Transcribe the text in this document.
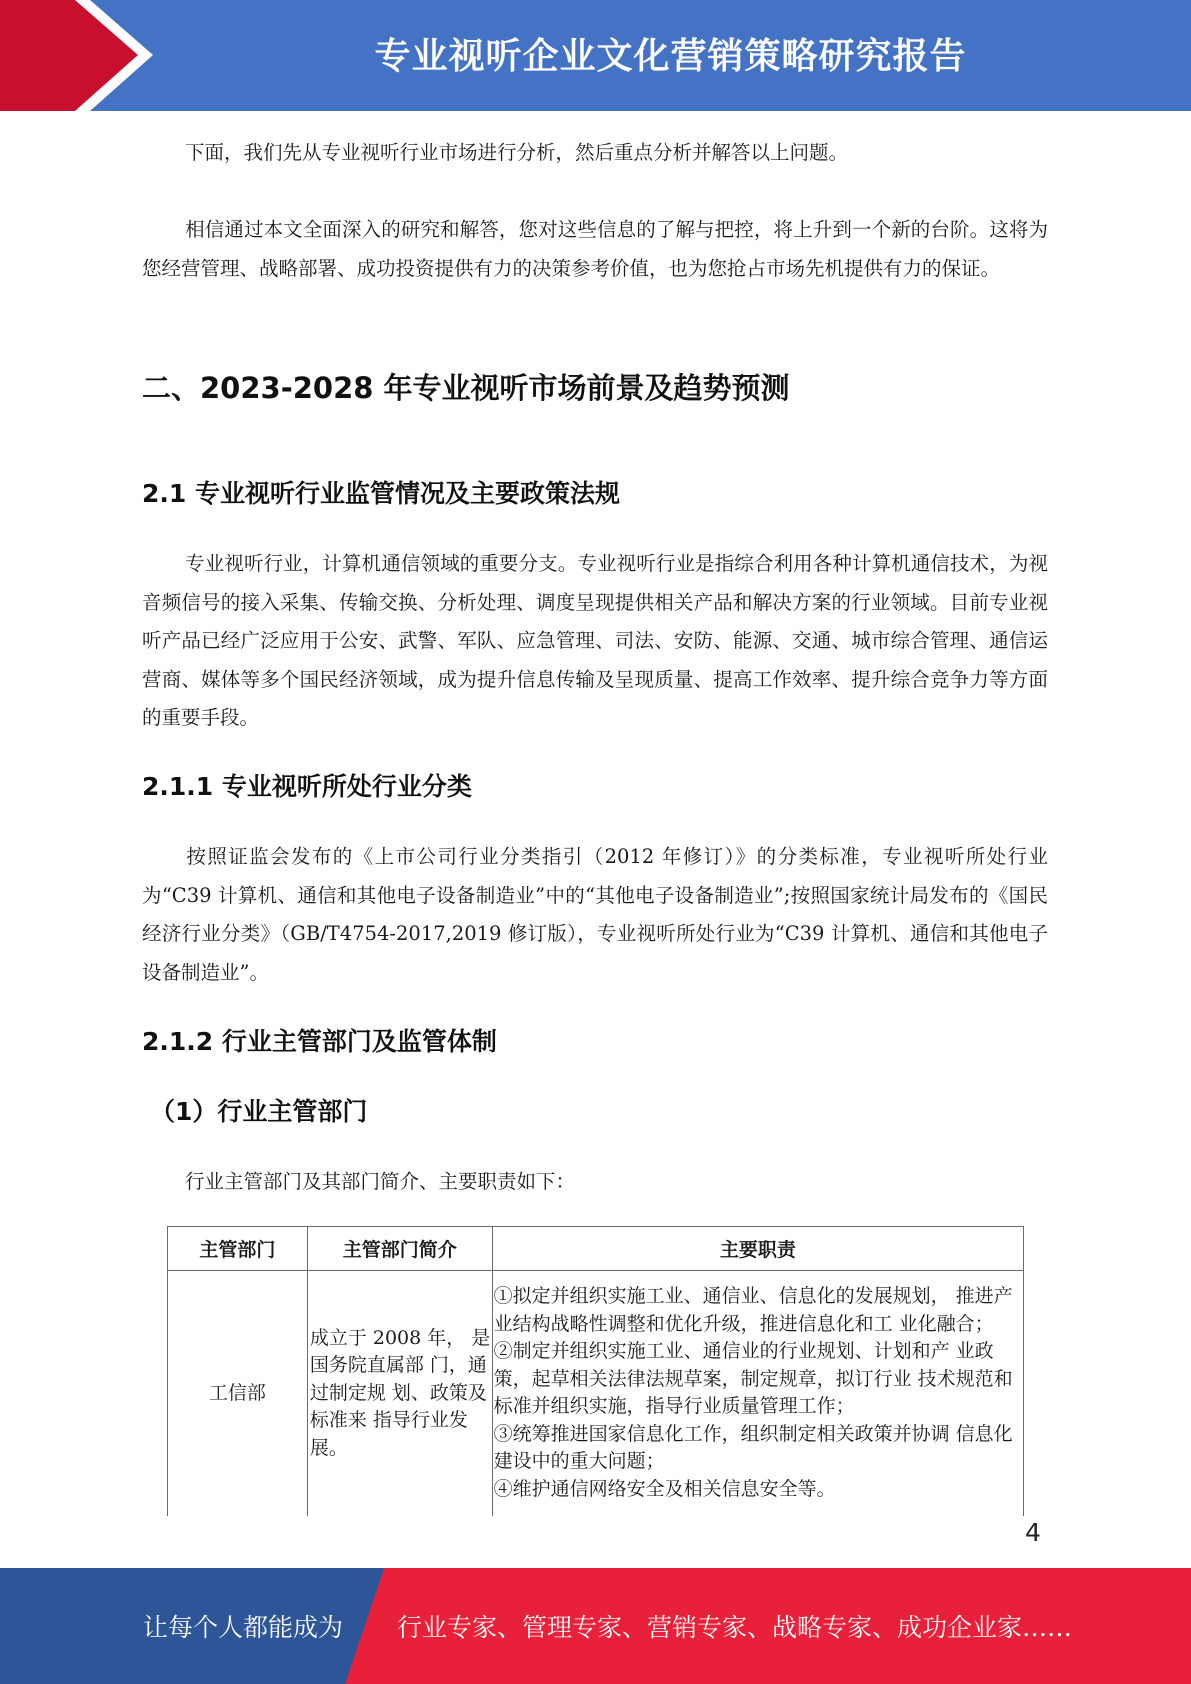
专业视听企业文化营销策略研究报告
下面，我们先从专业视听行业市场进行分析，然后重点分析并解答以上问题。
相信通过本文全面深入的研究和解答，您对这些信息的了解与把控，将上升到一个新的台阶。这将为您经营管理、战略部署、成功投资提供有力的决策参考价值，也为您抢占市场先机提供有力的保证。
二、2023-2028 年专业视听市场前景及趋势预测
2.1 专业视听行业监管情况及主要政策法规
专业视听行业，计算机通信领域的重要分支。专业视听行业是指综合利用各种计算机通信技术，为视音频信号的接入采集、传输交换、分析处理、调度呈现提供相关产品和解决方案的行业领域。目前专业视听产品已经广泛应用于公安、武警、军队、应急管理、司法、安防、能源、交通、城市综合管理、通信运营商、媒体等多个国民经济领域，成为提升信息传输及呈现质量、提高工作效率、提升综合竞争力等方面的重要手段。
2.1.1 专业视听所处行业分类
按照证监会发布的《上市公司行业分类指引（2012 年修订）》的分类标准，专业视听所处行业为“C39 计算机、通信和其他电子设备制造业”中的“其他电子设备制造业”;按照国家统计局发布的《国民经济行业分类》（GB/T4754-2017,2019 修订版），专业视听所处行业为“C39 计算机、通信和其他电子设备制造业”。
2.1.2 行业主管部门及监管体制
（1）行业主管部门
行业主管部门及其部门简介、主要职责如下：
主管部门	主管部门简介	主要职责
工信部	成立于 2008 年， 是国务院直属部 门，通过制定规 划、政策及标准来 指导行业发展。	①拟定并组织实施工业、通信业、信息化的发展规划， 推进产业结构战略性调整和优化升级，推进信息化和工 业化融合；
②制定并组织实施工业、通信业的行业规划、计划和产 业政策，起草相关法律法规草案，制定规章，拟订行业 技术规范和标准并组织实施，指导行业质量管理工作；
③统筹推进国家信息化工作，组织制定相关政策并协调 信息化建设中的重大问题；
④维护通信网络安全及相关信息安全等。
4
让每个人都能成为 行业专家、管理专家、营销专家、战略专家、成功企业家……
